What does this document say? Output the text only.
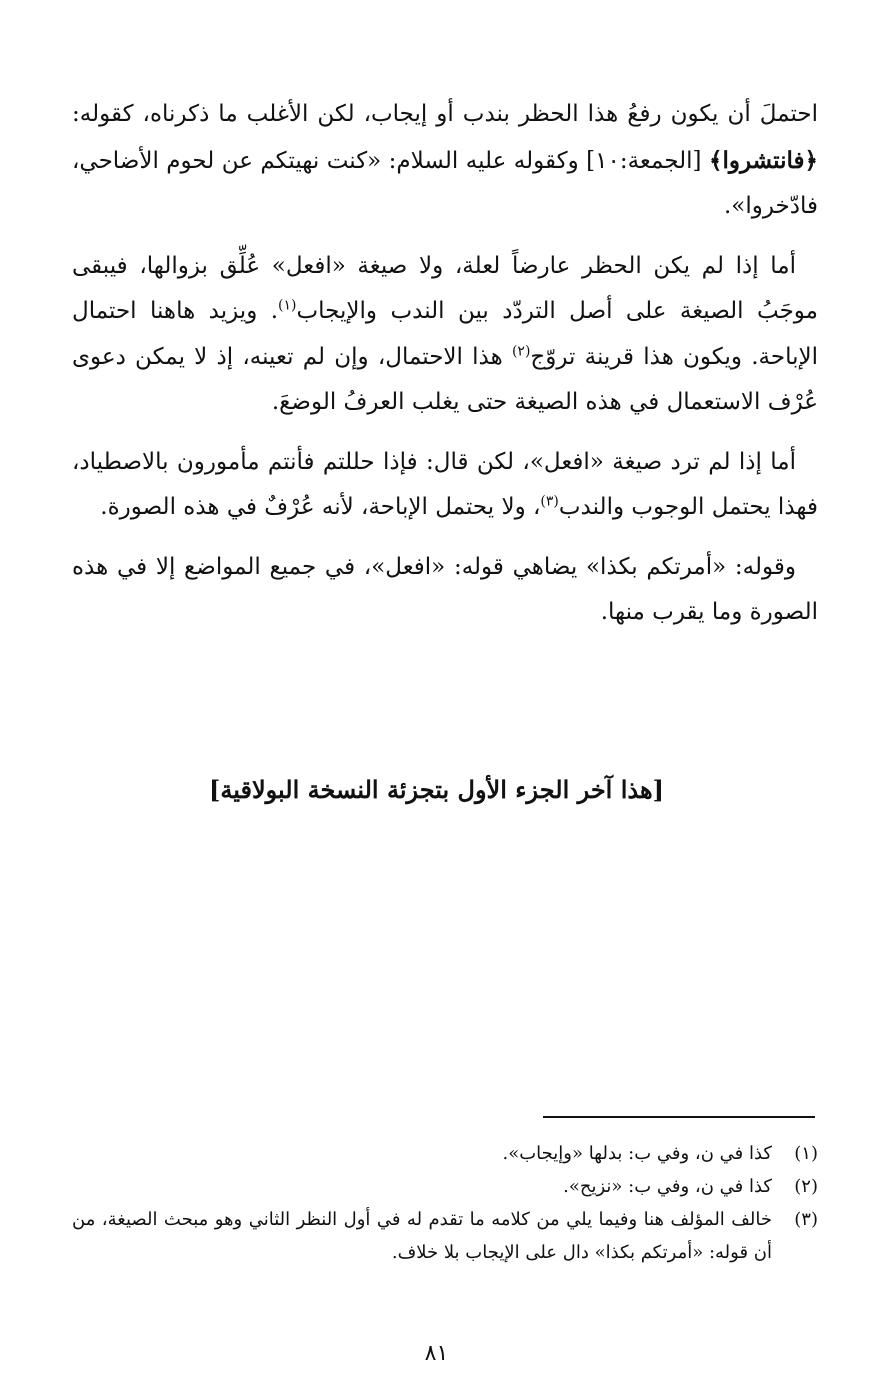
احتملَ أن يكون رفعُ هذا الحظر بندب أو إيجاب، لكن الأغلب ما ذكرناه، كقوله: ﴿فانتشروا﴾ [الجمعة:١٠] وكقوله عليه السلام: «كنت نهيتكم عن لحوم الأضاحي، فادّخروا».

أما إذا لم يكن الحظر عارضاً لعلة، ولا صيغة «افعل» عُلِّق بزوالها، فيبقى موجَبُ الصيغة على أصل التردّد بين الندب والإيجاب$^{(١)}$. ويزيد هاهنا احتمال الإباحة. ويكون هذا قرينة تروّج$^{(٢)}$ هذا الاحتمال، وإن لم تعينه، إذ لا يمكن دعوى عُرْف الاستعمال في هذه الصيغة حتى يغلب العرفُ الوضعَ.

أما إذا لم ترد صيغة «افعل»، لكن قال: فإذا حللتم فأنتم مأمورون بالاصطياد، فهذا يحتمل الوجوب والندب$^{(٣)}$، ولا يحتمل الإباحة، لأنه عُرْفٌ في هذه الصورة.

وقوله: «أمرتكم بكذا» يضاهي قوله: «افعل»، في جميع المواضع إلا في هذه الصورة وما يقرب منها.

[هذا آخر الجزء الأول بتجزئة النسخة البولاقية]
(١)
كذا في ن، وفي ب: بدلها «وإيجاب».
(٢)
كذا في ن، وفي ب: «نزيح».
(٣)
خالف المؤلف هنا وفيما يلي من كلامه ما تقدم له في أول النظر الثاني وهو مبحث الصيغة، من أن قوله: «أمرتكم بكذا» دال على الإيجاب بلا خلاف.
٨١
